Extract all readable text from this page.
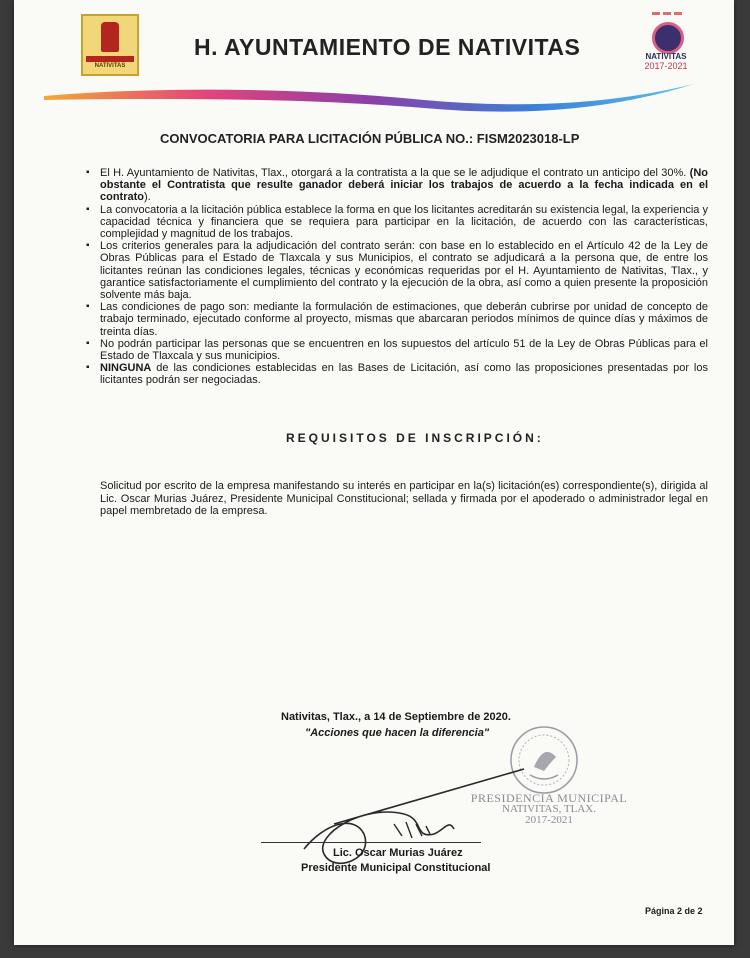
NATIVITAS
H. AYUNTAMIENTO DE NATIVITAS	NATIVITAS
2017-2021
CONVOCATORIA PARA LICITACIÓN PÚBLICA NO.: FISM2023018-LP
▪ El H. Ayuntamiento de Nativitas, Tlax., otorgará a la contratista a la que se le adjudique el contrato un anticipo del 30%. (No obstante el Contratista que resulte ganador deberá iniciar los trabajos de acuerdo a la fecha indicada en el contrato).
▪ La convocatoria a la licitación pública establece la forma en que los licitantes acreditarán su existencia legal, la experiencia y capacidad técnica y financiera que se requiera para participar en la licitación, de acuerdo con las características, complejidad y magnitud de los trabajos.
▪ Los criterios generales para la adjudicación del contrato serán: con base en lo establecido en el Artículo 42 de la Ley de Obras Públicas para el Estado de Tlaxcala y sus Municipios, el contrato se adjudicará a la persona que, de entre los licitantes reúnan las condiciones legales, técnicas y económicas requeridas por el H. Ayuntamiento de Nativitas, Tlax., y garantice satisfactoriamente el cumplimiento del contrato y la ejecución de la obra, así como a quien presente la proposición solvente más baja.
▪ Las condiciones de pago son: mediante la formulación de estimaciones, que deberán cubrirse por unidad de concepto de trabajo terminado, ejecutado conforme al proyecto, mismas que abarcaran periodos mínimos de quince días y máximos de treinta días.
▪ No podrán participar las personas que se encuentren en los supuestos del artículo 51 de la Ley de Obras Públicas para el Estado de Tlaxcala y sus municipios.
▪ NINGUNA de las condiciones establecidas en las Bases de Licitación, así como las proposiciones presentadas por los licitantes podrán ser negociadas.
REQUISITOS DE INSCRIPCIÓN:
Solicitud por escrito de la empresa manifestando su interés en participar en la(s) licitación(es) correspondiente(s), dirigida al Lic. Oscar Murias Juárez, Presidente Municipal Constitucional; sellada y firmada por el apoderado o administrador legal en papel membretado de la empresa.
Nativitas, Tlax., a 14 de Septiembre de 2020.
"Acciones que hacen la diferencia"
PRESIDENCIA MUNICIPAL
NATIVITAS, TLAX.
2017-2021
Lic. Oscar Murias Juárez
Presidente Municipal Constitucional
Página 2 de 2
